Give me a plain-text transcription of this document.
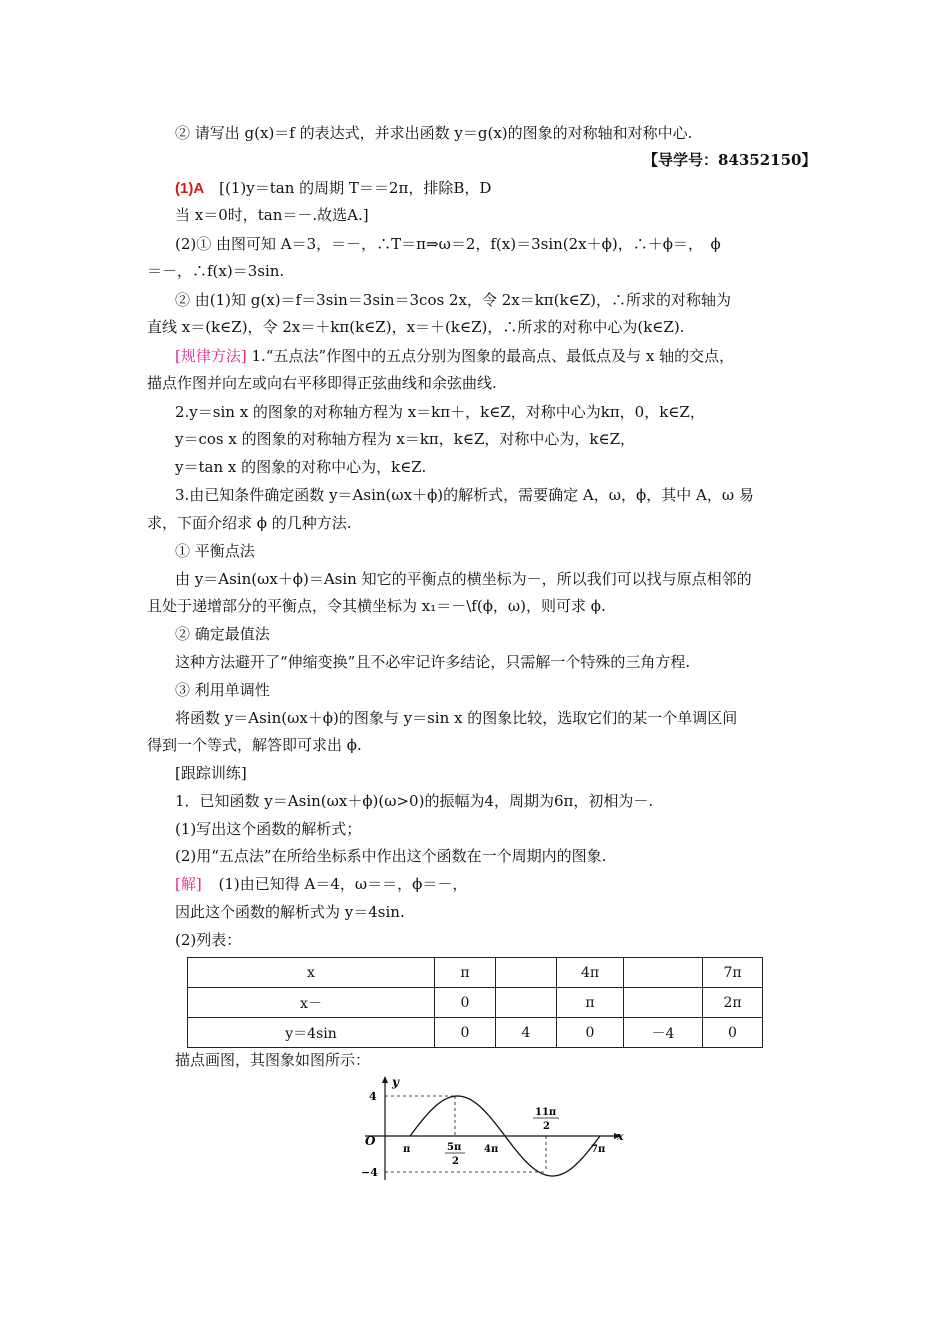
② 请写出 g(x)＝f 的表达式，并求出函数 y＝g(x)的图象的对称轴和对称中心.
【导学号：84352150】
(1)A　[(1)y＝tan 的周期 T＝＝2π，排除B，D
当 x＝0时，tan＝－.故选A.]
(2)① 由图可知 A＝3，＝－，∴T＝π⇒ω＝2，f(x)＝3sin(2x＋ϕ)，∴＋ϕ＝，　ϕ
＝－，∴f(x)＝3sin.
② 由(1)知 g(x)＝f＝3sin＝3sin＝3cos 2x，令 2x＝kπ(k∈Z)，∴所求的对称轴为
直线 x＝(k∈Z)，令 2x＝＋kπ(k∈Z)，x＝＋(k∈Z)，∴所求的对称中心为(k∈Z).
[规律方法] 1.“五点法”作图中的五点分别为图象的最高点、最低点及与 x 轴的交点，
描点作图并向左或向右平移即得正弦曲线和余弦曲线.
2.y＝sin x 的图象的对称轴方程为 x＝kπ＋，k∈Z，对称中心为kπ，0，k∈Z，
y＝cos x 的图象的对称轴方程为 x＝kπ，k∈Z，对称中心为，k∈Z，
y＝tan x 的图象的对称中心为，k∈Z.
3.由已知条件确定函数 y＝Asin(ωx＋ϕ)的解析式，需要确定 A，ω，ϕ，其中 A，ω 易
求，下面介绍求 ϕ 的几种方法.
① 平衡点法
由 y＝Asin(ωx＋ϕ)＝Asin 知它的平衡点的横坐标为－，所以我们可以找与原点相邻的
且处于递增部分的平衡点，令其横坐标为 x₁＝－\f(ϕ，ω)，则可求 ϕ.
② 确定最值法
这种方法避开了“伸缩变换”且不必牢记许多结论，只需解一个特殊的三角方程.
③ 利用单调性
将函数 y＝Asin(ωx＋ϕ)的图象与 y＝sin x 的图象比较，选取它们的某一个单调区间
得到一个等式，解答即可求出 ϕ.
[跟踪训练]
1．已知函数 y＝Asin(ωx＋ϕ)(ω>0)的振幅为4，周期为6π，初相为－.
(1)写出这个函数的解析式；
(2)用“五点法”在所给坐标系中作出这个函数在一个周期内的图象.
[解] (1)由已知得 A＝4，ω＝＝，ϕ＝－，
因此这个函数的解析式为 y＝4sin.
(2)列表：
x	π		4π		7π
x－	0		π		2π
y＝4sin	0	4	0	－4	0
描点画图，其图象如图所示：
y
x
O
4
−4
π	4π	7π
5π
2
11π
2
